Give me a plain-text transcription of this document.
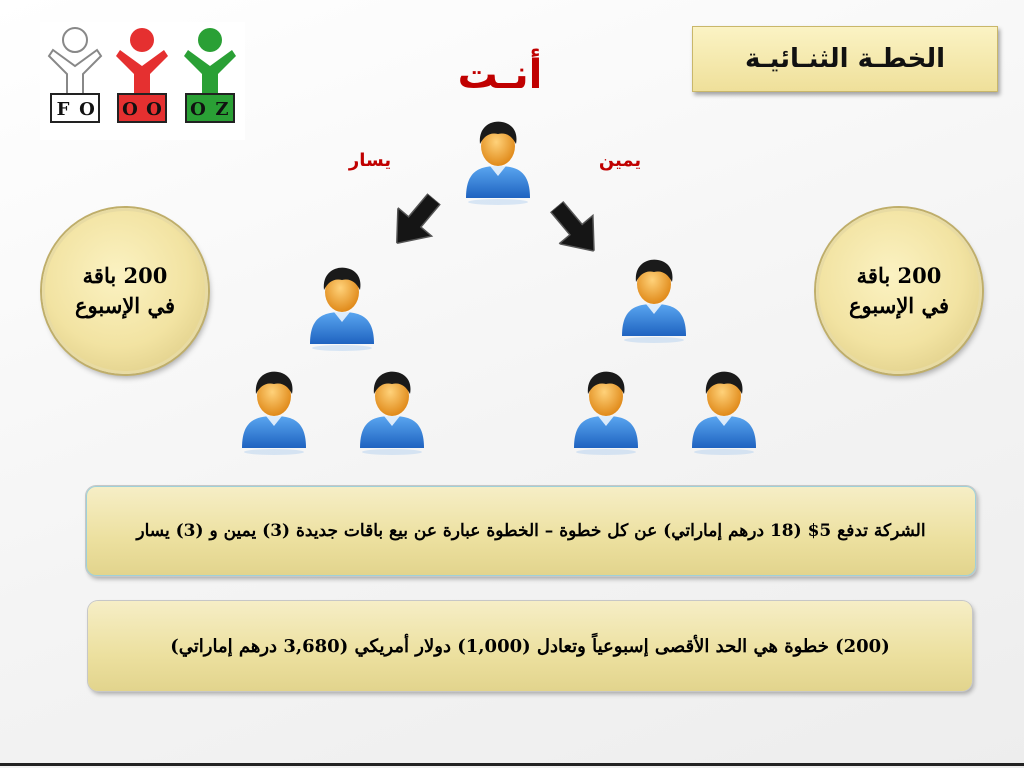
F O O O O Z
الخطـة الثنـائيـة
أنـت
يسار	يمين
200 باقة
في الإسبوع
200 باقة
في الإسبوع
الشركة تدفع 5$ (18 درهم إماراتي) عن كل خطوة – الخطوة عبارة عن بيع باقات جديدة (3) يمين و (3) يسار
(200) خطوة هي الحد الأقصى إسبوعياً وتعادل (1,000) دولار أمريكي (3,680 درهم إماراتي)
